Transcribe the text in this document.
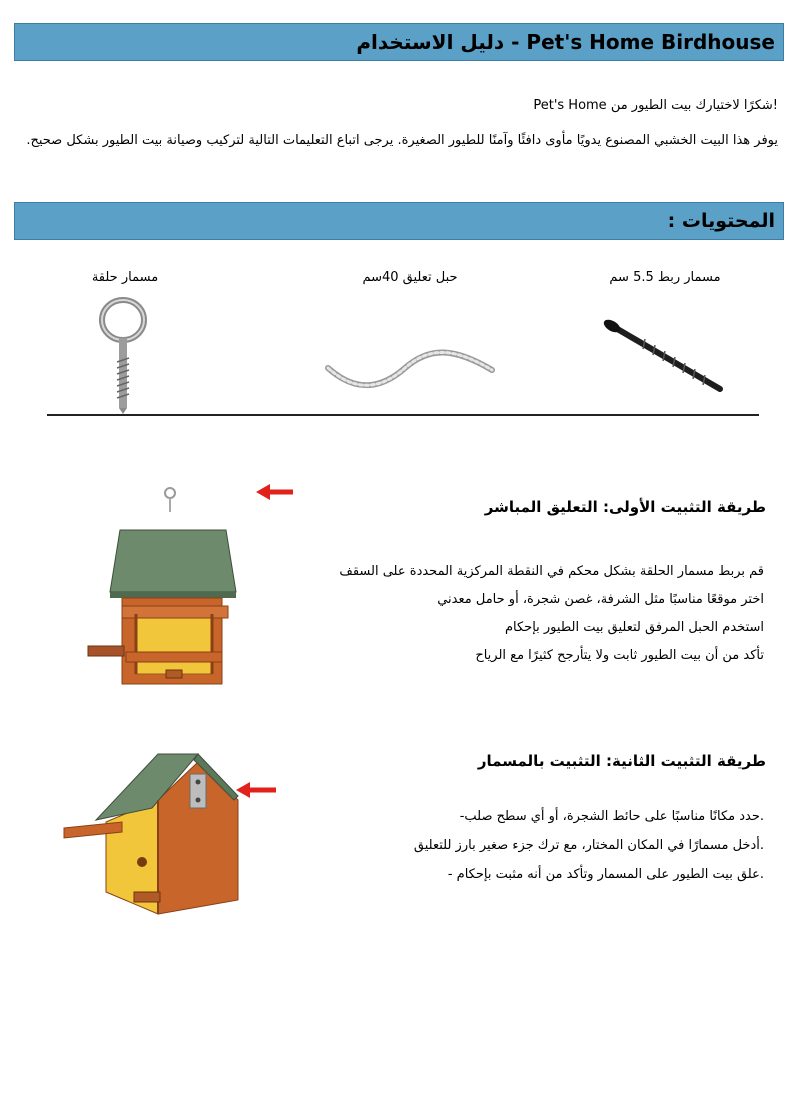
Pet's Home Birdhouse - دليل الاستخدام
!شكرًا لاختيارك بيت الطيور من Pet's Home
يوفر هذا البيت الخشبي المصنوع يدويًا مأوى دافئًا وآمنًا للطيور الصغيرة. يرجى اتباع التعليمات التالية لتركيب وصيانة بيت الطيور بشكل صحيح.
المحتويات :
مسمار ربط 5.5 سم
حبل تعليق 40سم
مسمار حلقة
طريقة التثبيت الأولى: التعليق المباشر
قم بربط مسمار الحلقة بشكل محكم في النقطة المركزية المحددة على السقف
اختر موقعًا مناسبًا مثل الشرفة، غصن شجرة، أو حامل معدني
استخدم الحبل المرفق لتعليق بيت الطيور بإحكام
تأكد من أن بيت الطيور ثابت ولا يتأرجح كثيرًا مع الرياح
طريقة التثبيت الثانية: التثبيت بالمسمار
.حدد مكانًا مناسبًا على حائط الشجرة، أو أي سطح صلب-
.أدخل مسمارًا في المكان المختار، مع ترك جزء صغير بارز للتعليق
.علق بيت الطيور على المسمار وتأكد من أنه مثبت بإحكام -
